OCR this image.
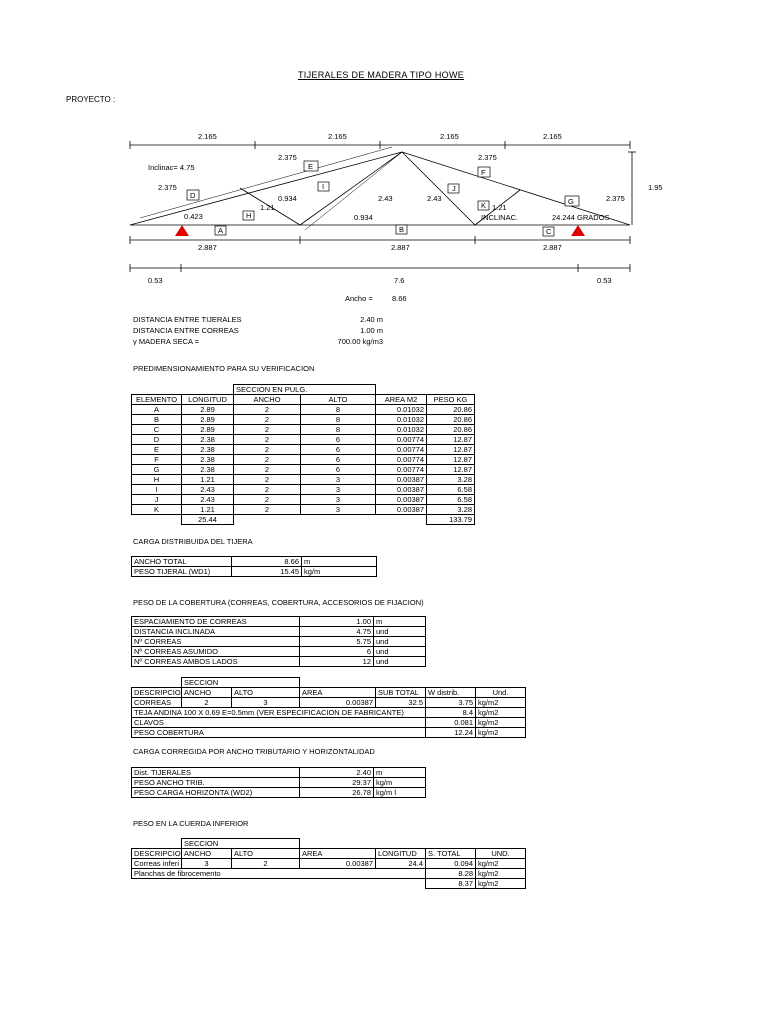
TIJERALES DE MADERA TIPO HOWE
PROYECTO :
A	B	C
D
E
F
G
H
I	J
K
2.165	2.165	2.165	2.165
Inclinac= 4.75
2.375
2.375
2.375
2.375
1.95
0.423
1.21
0.934	2.43	2.43
1.21
0.934	INCLINAC.	24.244 GRADOS
2.887	2.887	2.887
0.53	7.6	0.53
Ancho =	8.66
DISTANCIA ENTRE TIJERALES	2.40 m
DISTANCIA ENTRE CORREAS	1.00 m
γ MADERA SECA =	700.00 kg/m3
PREDIMENSIONAMIENTO PARA SU VERIFICACION
		SECCION EN PULG.			
ELEMENTO	LONGITUD	ANCHO	ALTO	AREA M2	PESO KG
A	2.89	2	8	0.01032	20.86
B	2.89	2	8	0.01032	20.86
C	2.89	2	8	0.01032	20.86
D	2.38	2	6	0.00774	12.87
E	2.38	2	6	0.00774	12.87
F	2.38	2	6	0.00774	12.87
G	2.38	2	6	0.00774	12.87
H	1.21	2	3	0.00387	3.28
I	2.43	2	3	0.00387	6.58
J	2.43	2	3	0.00387	6.58
K	1.21	2	3	0.00387	3.28
	25.44				133.79
CARGA DISTRIBUIDA DEL TIJERA
ANCHO TOTAL	8.66	m
PESO TIJERAL (WD1)	15.45	kg/m
PESO DE LA COBERTURA (CORREAS, COBERTURA, ACCESORIOS DE FIJACION)
ESPACIAMIENTO DE CORREAS	1.00	m
DISTANCIA INCLINADA	4.75	und
Nº CORREAS	5.75	und
Nº CORREAS ASUMIDO	6	und
Nº CORREAS AMBOS LADOS	12	und
	SECCION					
DESCRIPCIO	ANCHO	ALTO	AREA	SUB TOTAL	W distrib.	Und.
CORREAS	2	3	0.00387	32.5	3.75	kg/m2
TEJA ANDINA 100 X 0.69 E=0.5mm (VER ESPECIFICACION DE FABRICANTE)					8.4	kg/m2
CLAVOS					0.081	kg/m2
PESO COBERTURA					12.24	kg/m2
CARGA CORREGIDA POR ANCHO TRIBUTARIO Y HORIZONTALIDAD
Dist. TIJERALES	2.40	m
PESO ANCHO TRIB.	29.37	kg/m
PESO CARGA HORIZONTA (WD2)	26.78	kg/m l
PESO EN LA CUERDA INFERIOR
	SECCION					
DESCRIPCIO	ANCHO	ALTO	AREA	LONGITUD	S. TOTAL	UND.
Correas inferi	3	2	0.00387	24.4	0.094	kg/m2
Planchas de fibrocemento					8.28	kg/m2
					8.37	kg/m2
